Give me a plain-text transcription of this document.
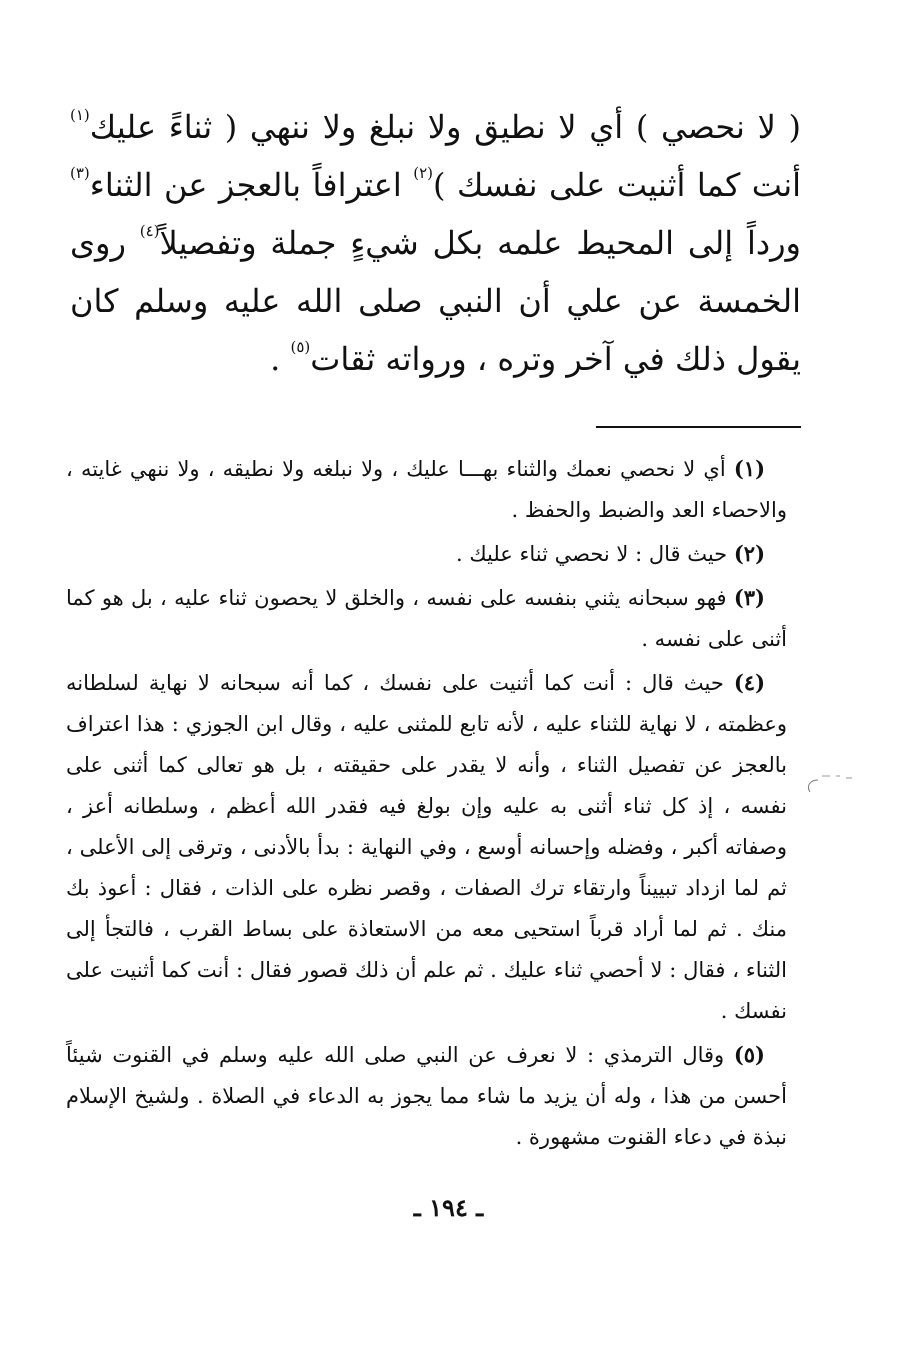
( لا نحصي ) أي لا نطيق ولا نبلغ ولا ننهي ( ثناءً عليك$^{(١)}$ أنت كما أثنيت على نفسك )$^{(٢)}$ اعترافاً بالعجز عن الثناء$^{(٣)}$ ورداً إلى المحيط علمه بكل شيءٍ جملة وتفصيلاً$^{(٤)}$ روى الخمسة عن علي أن النبي صلى الله عليه وسلم كان يقول ذلك في آخر وتره ، ورواته ثقات$^{(٥)}$ .

(١) أي لا نحصي نعمك والثناء بهـــا عليك ، ولا نبلغه ولا نطيقه ، ولا ننهي غايته ، والاحصاء العد والضبط والحفظ .

(٢) حيث قال : لا نحصي ثناء عليك .

(٣) فهو سبحانه يثني بنفسه على نفسه ، والخلق لا يحصون ثناء عليه ، بل هو كما أثنى على نفسه .

(٤) حيث قال : أنت كما أثنيت على نفسك ، كما أنه سبحانه لا نهاية لسلطانه وعظمته ، لا نهاية للثناء عليه ، لأنه تابع للمثنى عليه ، وقال ابن الجوزي : هذا اعتراف بالعجز عن تفصيل الثناء ، وأنه لا يقدر على حقيقته ، بل هو تعالى كما أثنى على نفسه ، إذ كل ثناء أثنى به عليه وإن بولغ فيه فقدر الله أعظم ، وسلطانه أعز ، وصفاته أكبر ، وفضله وإحسانه أوسع ، وفي النهاية : بدأ بالأدنى ، وترقى إلى الأعلى ، ثم لما ازداد تبييناً وارتقاء ترك الصفات ، وقصر نظره على الذات ، فقال : أعوذ بك منك . ثم لما أراد قرباً استحيى معه من الاستعاذة على بساط القرب ، فالتجأ إلى الثناء ، فقال : لا أحصي ثناء عليك . ثم علم أن ذلك قصور فقال : أنت كما أثنيت على نفسك .

(٥) وقال الترمذي : لا نعرف عن النبي صلى الله عليه وسلم في القنوت شيئاً أحسن من هذا ، وله أن يزيد ما شاء مما يجوز به الدعاء في الصلاة . ولشيخ الإسلام نبذة في دعاء القنوت مشهورة .

ـ ١٩٤ ـ
